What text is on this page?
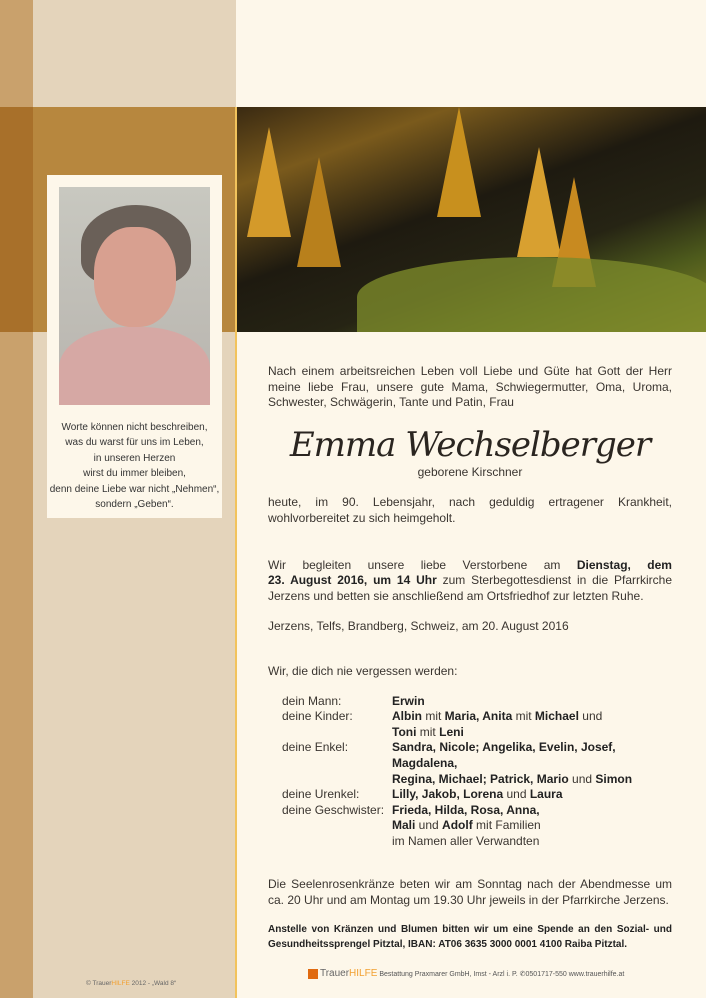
Worte können nicht beschreiben,
was du warst für uns im Leben,
in unseren Herzen
wirst du immer bleiben,
denn deine Liebe war nicht „Nehmen“,
sondern „Geben“.
Nach einem arbeitsreichen Leben voll Liebe und Güte hat Gott der Herr
meine liebe Frau, unsere gute Mama, Schwiegermutter, Oma, Uroma,
Schwester, Schwägerin, Tante und Patin, Frau
Emma Wechselberger
geborene Kirschner
heute, im 90. Lebensjahr, nach geduldig ertragener Krankheit,
wohlvorbereitet zu sich heimgeholt.
Wir begleiten unsere liebe Verstorbene am Dienstag, dem
23. August 2016, um 14 Uhr zum Sterbegottesdienst in die Pfarrkirche
Jerzens und betten sie anschließend am Ortsfriedhof zur letzten Ruhe.
Jerzens, Telfs, Brandberg, Schweiz, am 20. August 2016
Wir, die dich nie vergessen werden:
dein Mann:	Erwin
deine Kinder:	Albin mit Maria, Anita mit Michael und
Toni mit Leni
deine Enkel:	Sandra, Nicole; Angelika, Evelin, Josef, Magdalena,
Regina, Michael; Patrick, Mario und Simon
deine Urenkel:	Lilly, Jakob, Lorena und Laura
deine Geschwister: Frieda, Hilda, Rosa, Anna,
Mali und Adolf mit Familien
im Namen aller Verwandten
Die Seelenrosenkränze beten wir am Sonntag nach der Abendmesse um
ca. 20 Uhr und am Montag um 19.30 Uhr jeweils in der Pfarrkirche Jerzens.
Anstelle von Kränzen und Blumen bitten wir um eine Spende an den Sozial- und
Gesundheitssprengel Pitztal, IBAN: AT06 3635 3000 0001 4100 Raiba Pitztal.
TrauerHILFE Bestattung Praxmarer GmbH, Imst - Arzl i. P. ✆0501717-550 www.trauerhilfe.at
© TrauerHILFE 2012 - „Wald 8“
